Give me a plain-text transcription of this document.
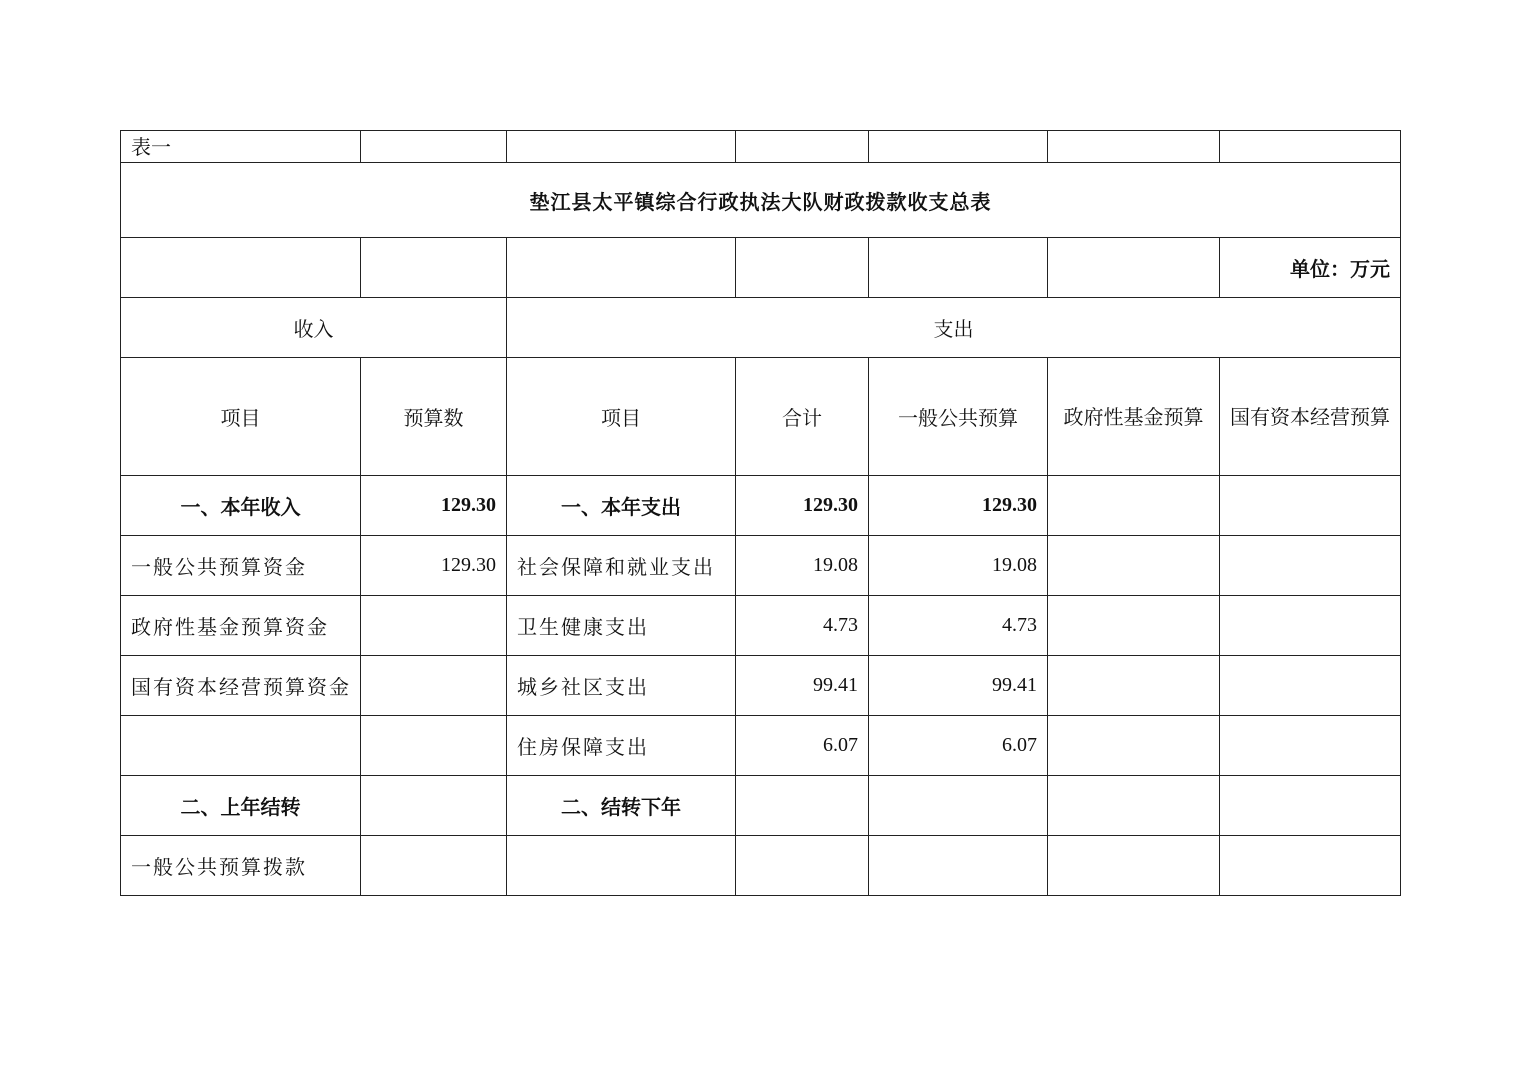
表一						
垫江县太平镇综合行政执法大队财政拨款收支总表						
						单位：万元
收入		支出				
项目	预算数	项目	合计	一般公共预算	政府性基金预算	国有资本经营预算
一、本年收入	129.30	一、本年支出	129.30	129.30		
一般公共预算资金	129.30	社会保障和就业支出	19.08	19.08		
政府性基金预算资金		卫生健康支出	4.73	4.73		
国有资本经营预算资金		城乡社区支出	99.41	99.41		
		住房保障支出	6.07	6.07		
二、上年结转		二、结转下年				
一般公共预算拨款						
